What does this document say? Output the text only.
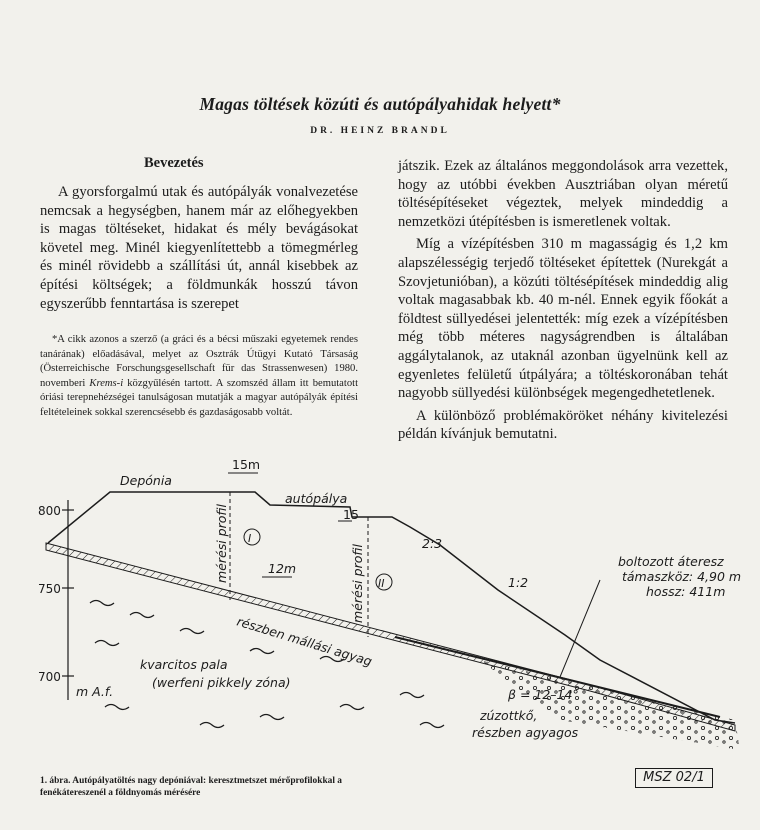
Magas töltések közúti és autópályahidak helyett*
DR. HEINZ BRANDL
Bevezetés

A gyorsforgalmú utak és autópályák vonalvezetése nemcsak a hegységben, hanem már az előhegyekben is magas töltéseket, hidakat és mély bevágásokat követel meg. Minél kiegyenlítettebb a tömegmérleg és minél rövidebb a szállítási út, annál kisebbek az építési költségek; a földmunkák hosszú távon egyszerűbb fenntartása is szerepet

*A cikk azonos a szerző (a gráci és a bécsi műszaki egyetemek rendes tanárának) előadásával, melyet az Osztrák Útügyi Kutató Társaság (Österreichische Forschungsgesellschaft für das Strassenwesen) 1980. novemberi Krems-i közgyűlésén tartott. A szomszéd állam itt bemutatott óriási terepnehézségei tanulságosan mutatják a magyar autópályák építési feltételeinek sokkal szerencsésebb és gazdaságosabb voltát.

játszik. Ezek az általános meggondolások arra vezettek, hogy az utóbbi években Ausztriában olyan méretű töltésépítéseket végeztek, melyek mindeddig a nemzetközi útépítésben is ismeretlenek voltak.

Míg a vízépítésben 310 m magasságig és 1,2 km alapszélességig terjedő töltéseket építettek (Nurekgát a Szovjetunióban), a közúti töltésépítések mindeddig alig voltak magasabbak kb. 40 m-nél. Ennek egyik főokát a földtest süllyedései jelentették: míg ezek a vízépítésben még több méteres nagyságrendben is általában aggálytalanok, az utaknál azonban ügyelnünk kell az egyenletes felületű útpályára; a töltéskoronában tehát nagyobb süllyedési különbségek megengedhetetlenek.

A különböző problémaköröket néhány kivitelezési példán kívánjuk bemutatni.

800
750
700
m A.f.
mérési profil
mérési profil
I
II
Depónia
15m
autópálya
15
12m
2:3
1:2
boltozott áteresz
támaszköz: 4,90 m
hossz: 411m
részben mállási agyag
kvarcitos pala
(werfeni pikkely zóna)
β = 12–14°
zúzottkő,
részben agyagos
1. ábra. Autópályatöltés nagy depóniával: keresztmetszet mérőprofilokkal a fenékátereszenél a földnyomás mérésére
MSZ 02/1
